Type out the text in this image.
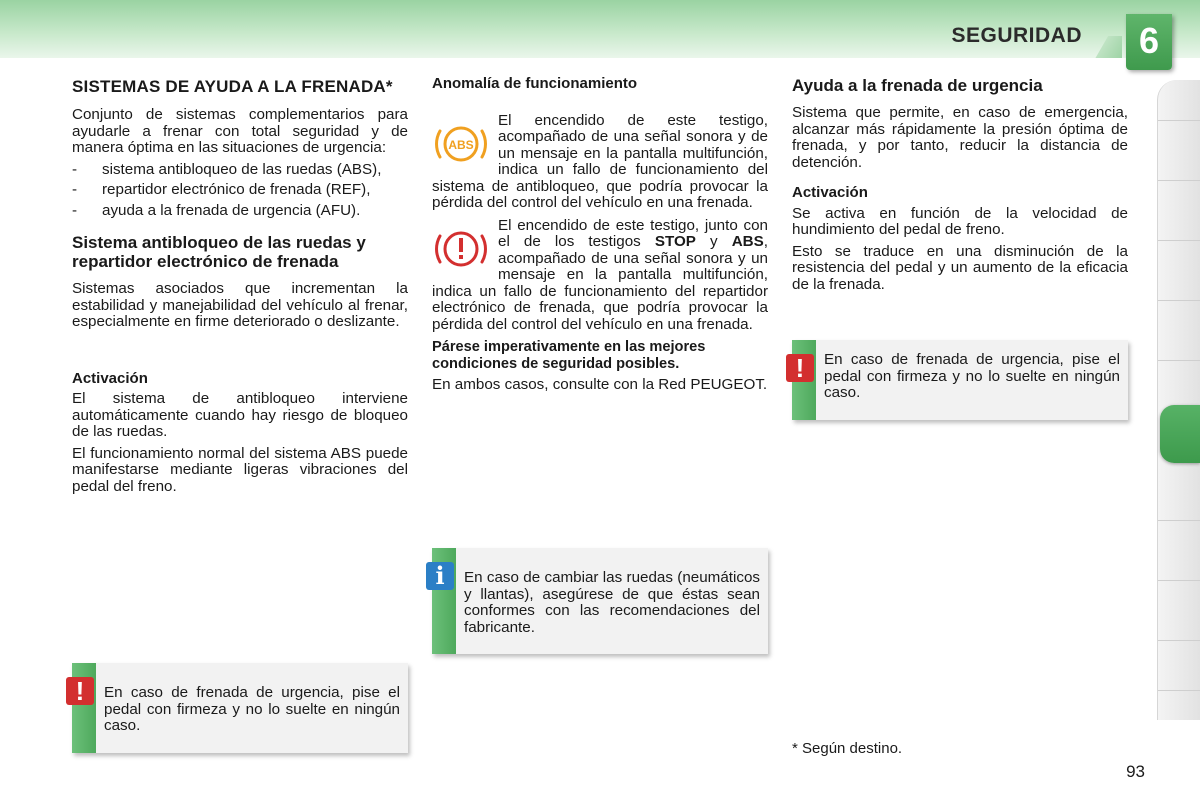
SEGURIDAD	6
SISTEMAS DE AYUDA A LA FRENADA*

Conjunto de sistemas complementarios para ayudarle a frenar con total seguridad y de manera óptima en las situaciones de urgencia:

- sistema antibloqueo de las ruedas (ABS),
- repartidor electrónico de frenada (REF),
- ayuda a la frenada de urgencia (AFU).
Sistema antibloqueo de las ruedas y repartidor electrónico de frenada

Sistemas asociados que incrementan la estabilidad y manejabilidad del vehículo al frenar, especialmente en firme deteriorado o deslizante.

Activación

El sistema de antibloqueo interviene automáticamente cuando hay riesgo de bloqueo de las ruedas.

El funcionamiento normal del sistema ABS puede manifestarse mediante ligeras vibraciones del pedal del freno.

!	En caso de frenada de urgencia, pise el pedal con firmeza y no lo suelte en ningún caso.
Anomalía de funcionamiento
ABS
El encendido de este testigo, acompañado de una señal sonora y de un mensaje en la pantalla multifunción, indica un fallo de funcionamiento del sistema de antibloqueo, que podría provocar la pérdida del control del vehículo en una frenada.
El encendido de este testigo, junto con el de los testigos STOP y ABS, acompañado de una señal sonora y un mensaje en la pantalla multifunción, indica un fallo de funcionamiento del repartidor electrónico de frenada, que podría provocar la pérdida del control del vehículo en una frenada.

Párese imperativamente en las mejores condiciones de seguridad posibles.

En ambos casos, consulte con la Red PEUGEOT.

i	En caso de cambiar las ruedas (neumáticos y llantas), asegúrese de que éstas sean conformes con las recomendaciones del fabricante.
Ayuda a la frenada de urgencia

Sistema que permite, en caso de emergencia, alcanzar más rápidamente la presión óptima de frenada, y por tanto, reducir la distancia de detención.

Activación

Se activa en función de la velocidad de hundimiento del pedal de freno.

Esto se traduce en una disminución de la resistencia del pedal y un aumento de la eficacia de la frenada.

!	En caso de frenada de urgencia, pise el pedal con firmeza y no lo suelte en ningún caso.
* Según destino.
93
